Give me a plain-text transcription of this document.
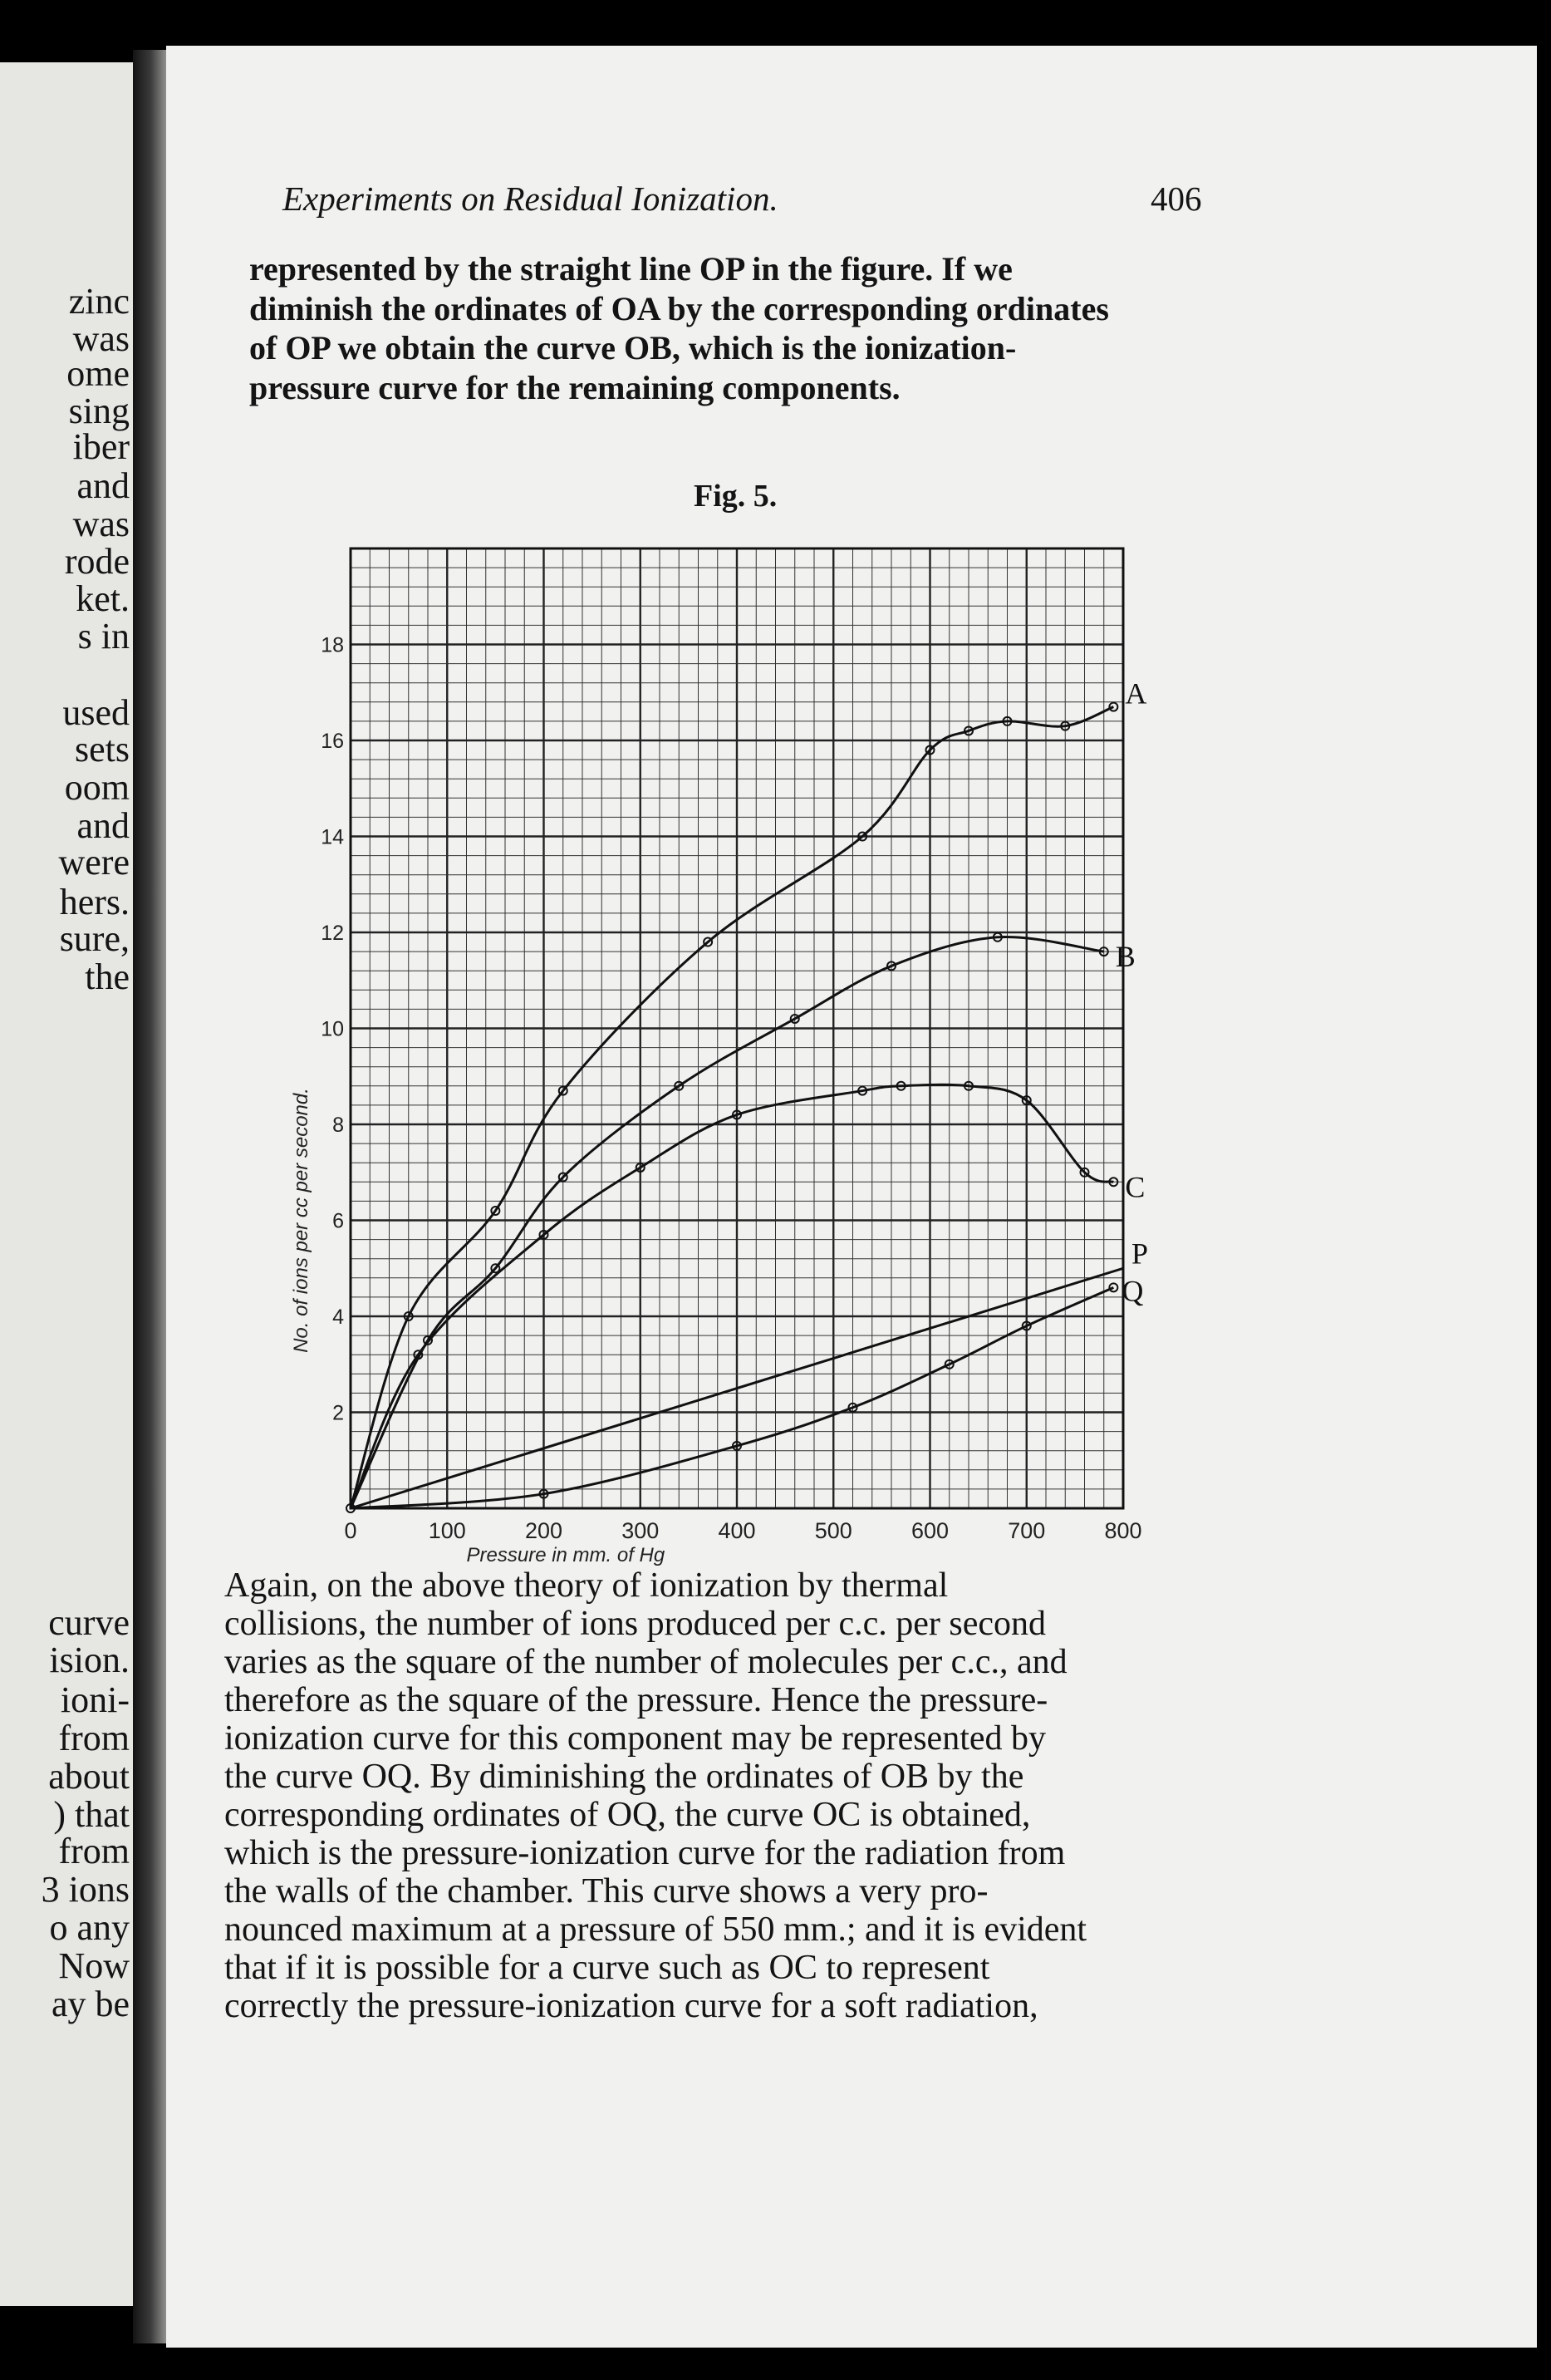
zinc
was
ome
sing
iber
and
was
rode
ket.
s in
used
sets
oom
and
were
hers.
sure,
the
curve
ision.
ioni-
from
about
) that
from
3 ions
o any
Now
ay be
Experiments on Residual Ionization.	406
represented by the straight line OP in the figure. If we
diminish the ordinates of OA by the corresponding ordinates
of OP we obtain the curve OB, which is the ionization-
pressure curve for the remaining components.
Fig. 5.
2
4
6
8
10
12
14
16
18
0	100	200	300	400	500	600	700	800
No. of ions per cc per second.
Pressure in mm. of Hg
A
B
C
P
Q
Again, on the above theory of ionization by thermal
collisions, the number of ions produced per c.c. per second
varies as the square of the number of molecules per c.c., and
therefore as the square of the pressure. Hence the pressure-
ionization curve for this component may be represented by
the curve OQ. By diminishing the ordinates of OB by the
corresponding ordinates of OQ, the curve OC is obtained,
which is the pressure-ionization curve for the radiation from
the walls of the chamber. This curve shows a very pro-
nounced maximum at a pressure of 550 mm.; and it is evident
that if it is possible for a curve such as OC to represent
correctly the pressure-ionization curve for a soft radiation,
